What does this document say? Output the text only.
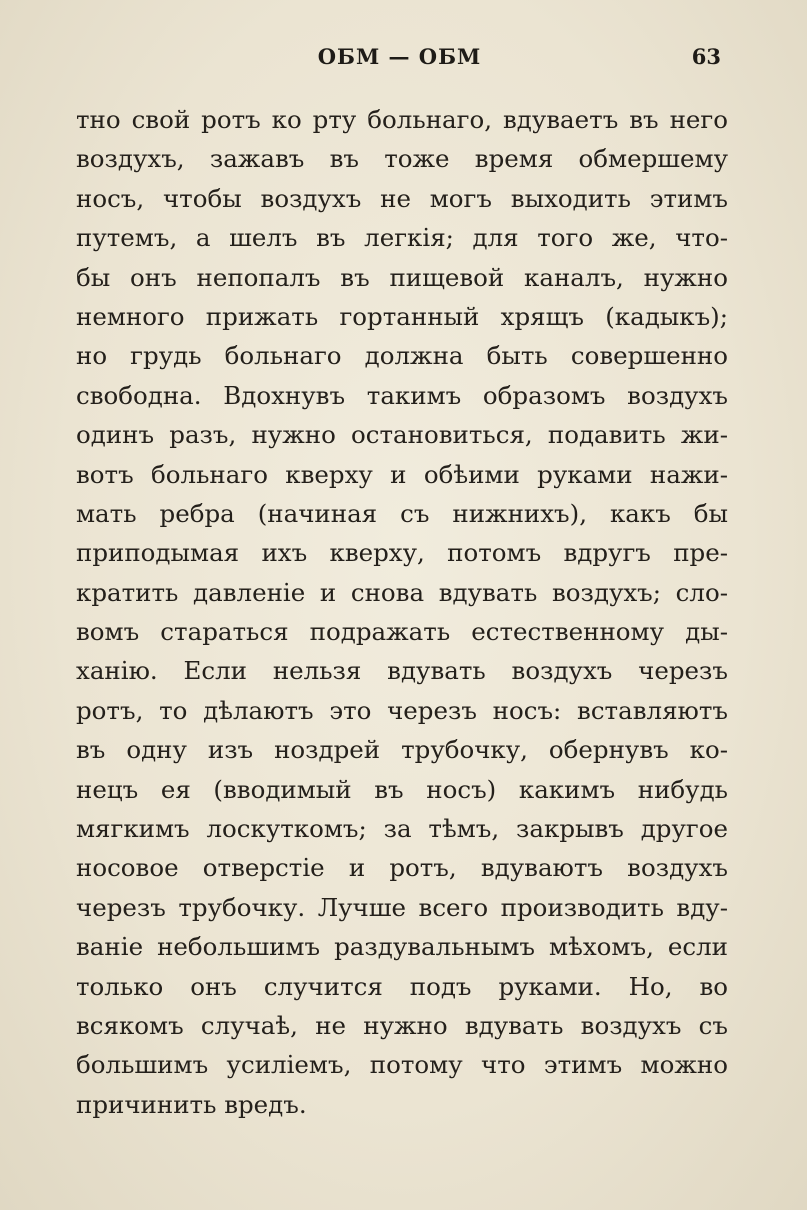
ОБМ — ОБМ	63
тно свой ротъ ко рту больнаго, вдуваетъ въ него
воздухъ, зажавъ въ тоже время обмершему
носъ, чтобы воздухъ не могъ выходить этимъ
путемъ, а шелъ въ легкія; для того же, что-
бы онъ непопалъ въ пищевой каналъ, нужно
немного прижать гортанный хрящъ (кадыкъ);
но грудь больнаго должна быть совершенно
свободна. Вдохнувъ такимъ образомъ воздухъ
одинъ разъ, нужно остановиться, подавить жи-
вотъ больнаго кверху и обѣими руками нажи-
мать ребра (начиная съ нижнихъ), какъ бы
приподымая ихъ кверху, потомъ вдругъ пре-
кратить давленіе и снова вдувать воздухъ; сло-
вомъ стараться подражать естественному ды-
ханію. Если нельзя вдувать воздухъ черезъ
ротъ, то дѣлаютъ это черезъ носъ: вставляютъ
въ одну изъ ноздрей трубочку, обернувъ ко-
нецъ ея (вводимый въ носъ) какимъ нибудь
мягкимъ лоскуткомъ; за тѣмъ, закрывъ другое
носовое отверстіе и ротъ, вдуваютъ воздухъ
черезъ трубочку. Лучше всего производить вду-
ваніе небольшимъ раздувальнымъ мѣхомъ, если
только онъ случится подъ руками. Но, во
всякомъ случаѣ, не нужно вдувать воздухъ съ
большимъ усиліемъ, потому что этимъ можно
причинить вредъ.
